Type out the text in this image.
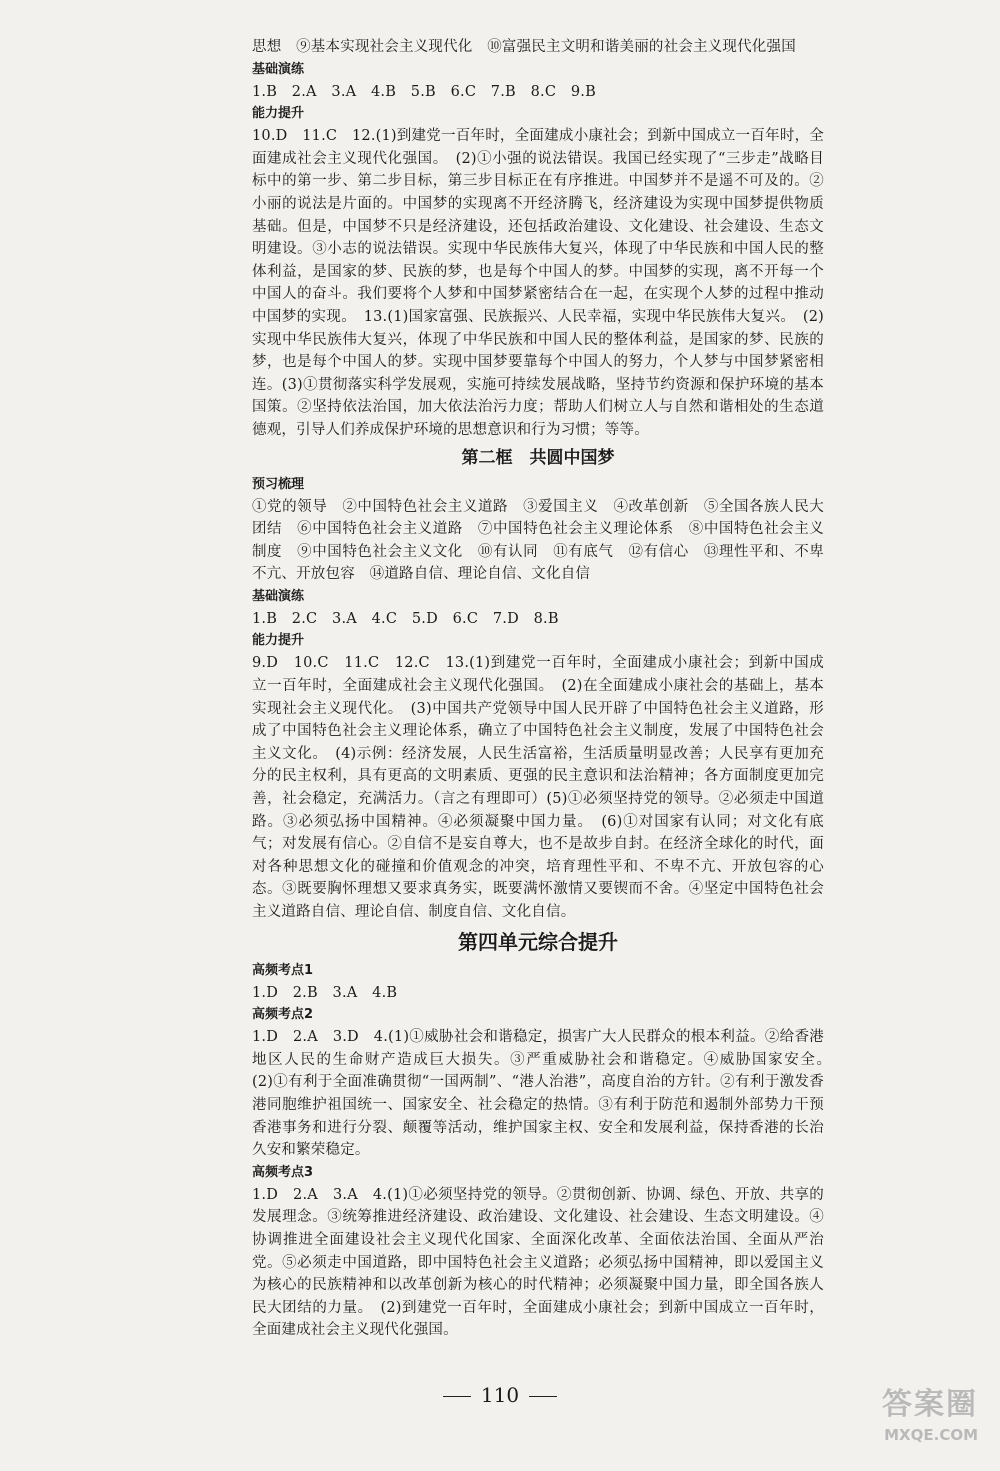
思想　⑨基本实现社会主义现代化　⑩富强民主文明和谐美丽的社会主义现代化强国

基础演练

1.B　2.A　3.A　4.B　5.B　6.C　7.B　8.C　9.B

能力提升

10.D　11.C　12.(1)到建党一百年时，全面建成小康社会；到新中国成立一百年时，全面建成社会主义现代化强国。　(2)①小强的说法错误。我国已经实现了“三步走”战略目标中的第一步、第二步目标，第三步目标正在有序推进。中国梦并不是遥不可及的。②小丽的说法是片面的。中国梦的实现离不开经济腾飞，经济建设为实现中国梦提供物质基础。但是，中国梦不只是经济建设，还包括政治建设、文化建设、社会建设、生态文明建设。③小志的说法错误。实现中华民族伟大复兴，体现了中华民族和中国人民的整体利益，是国家的梦、民族的梦，也是每个中国人的梦。中国梦的实现，离不开每一个中国人的奋斗。我们要将个人梦和中国梦紧密结合在一起，在实现个人梦的过程中推动中国梦的实现。　13.(1)国家富强、民族振兴、人民幸福，实现中华民族伟大复兴。　(2)实现中华民族伟大复兴，体现了中华民族和中国人民的整体利益，是国家的梦、民族的梦，也是每个中国人的梦。实现中国梦要靠每个中国人的努力，个人梦与中国梦紧密相连。(3)①贯彻落实科学发展观，实施可持续发展战略，坚持节约资源和保护环境的基本国策。②坚持依法治国，加大依法治污力度；帮助人们树立人与自然和谐相处的生态道德观，引导人们养成保护环境的思想意识和行为习惯；等等。

第二框　共圆中国梦

预习梳理

①党的领导　②中国特色社会主义道路　③爱国主义　④改革创新　⑤全国各族人民大团结　⑥中国特色社会主义道路　⑦中国特色社会主义理论体系　⑧中国特色社会主义制度　⑨中国特色社会主义文化　⑩有认同　⑪有底气　⑫有信心　⑬理性平和、不卑不亢、开放包容　⑭道路自信、理论自信、文化自信

基础演练

1.B　2.C　3.A　4.C　5.D　6.C　7.D　8.B

能力提升

9.D　10.C　11.C　12.C　13.(1)到建党一百年时，全面建成小康社会；到新中国成立一百年时，全面建成社会主义现代化强国。　(2)在全面建成小康社会的基础上，基本实现社会主义现代化。　(3)中国共产党领导中国人民开辟了中国特色社会主义道路，形成了中国特色社会主义理论体系，确立了中国特色社会主义制度，发展了中国特色社会主义文化。　(4)示例：经济发展，人民生活富裕，生活质量明显改善；人民享有更加充分的民主权利，具有更高的文明素质、更强的民主意识和法治精神；各方面制度更加完善，社会稳定，充满活力。（言之有理即可）(5)①必须坚持党的领导。②必须走中国道路。③必须弘扬中国精神。④必须凝聚中国力量。　(6)①对国家有认同；对文化有底气；对发展有信心。②自信不是妄自尊大，也不是故步自封。在经济全球化的时代，面对各种思想文化的碰撞和价值观念的冲突，培育理性平和、不卑不亢、开放包容的心态。③既要胸怀理想又要求真务实，既要满怀激情又要锲而不舍。④坚定中国特色社会主义道路自信、理论自信、制度自信、文化自信。

第四单元综合提升

高频考点1

1.D　2.B　3.A　4.B

高频考点2

1.D　2.A　3.D　4.(1)①威胁社会和谐稳定，损害广大人民群众的根本利益。②给香港地区人民的生命财产造成巨大损失。③严重威胁社会和谐稳定。④威胁国家安全。　(2)①有利于全面准确贯彻“一国两制”、“港人治港”，高度自治的方针。②有利于激发香港同胞维护祖国统一、国家安全、社会稳定的热情。③有利于防范和遏制外部势力干预香港事务和进行分裂、颠覆等活动，维护国家主权、安全和发展利益，保持香港的长治久安和繁荣稳定。

高频考点3

1.D　2.A　3.A　4.(1)①必须坚持党的领导。②贯彻创新、协调、绿色、开放、共享的发展理念。③统筹推进经济建设、政治建设、文化建设、社会建设、生态文明建设。④协调推进全面建设社会主义现代化国家、全面深化改革、全面依法治国、全面从严治党。⑤必须走中国道路，即中国特色社会主义道路；必须弘扬中国精神，即以爱国主义为核心的民族精神和以改革创新为核心的时代精神；必须凝聚中国力量，即全国各族人民大团结的力量。　(2)到建党一百年时，全面建成小康社会；到新中国成立一百年时，全面建成社会主义现代化强国。

110	答案圈
MXQE.COM
